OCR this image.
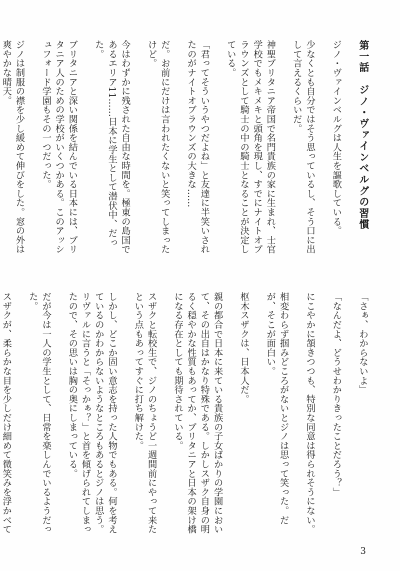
第一話　ジノ・ヴァインベルグの習慣

ジノ・ヴァインベルグは人生を謳歌している。

少なくとも自分ではそう思っているし、そう口に出して言えるくらいだ。

神聖ブリタニア帝国で名門貴族の家に生まれ、士官学校でもメキメキと頭角を現し、すでにナイトオブラウンズとして騎士の中の騎士となることが決定している。

「君ってそういうやつだよね」と友達に半笑いされたのがナイトオブラウンズの大きな……

だ。お前にだけは言われたくないと笑ってしまったけど。

今はわずかに残された自由な時間を。極東の島国であるエリア11……日本に学生として潜伏中、だった。

ブリタニアと深い関係を結んでいる日本には、ブリタニア人のための学校がいくつかある。このアッシュフォード学園もその一つだった。

ジノは制服の襟を少し緩めて伸びをした。窓の外は爽やかな晴天。

「さぁ、わからないよ」

「なんだよ、どうせわかりきったことだろう？」

にこやかに頷きつつも、特別な同意は得られそうにない。

相変わらず掴みどころがないとジノは思って笑った。だが、そこが面白い。

枢木スザクは、日本人だ。

親の都合で日本に来ている貴族の子女ばかりの学園において、その出自はかなり特殊である。しかしスザク自身の明るく穏やかな性質もあってか、ブリタニアと日本の架け橋になる存在としても期待されている。

スザクと転校生で、ジノのちょうど一週間前にやって来たという点もあってすぐに打ち解けた。

しかし、どこか固い意志を持った人物でもある。何を考えているのかわからないようなところもあるとジノは思う。リヴァルに言うと「そっかぁ？」と首を傾げられてしまったので、その思いは胸の奥にしまっている。

だが今は一人の学生として、日常を楽しんでいるようだった。

スザクが、柔らかな目を少しだけ細めて微笑みを浮かべて

3
